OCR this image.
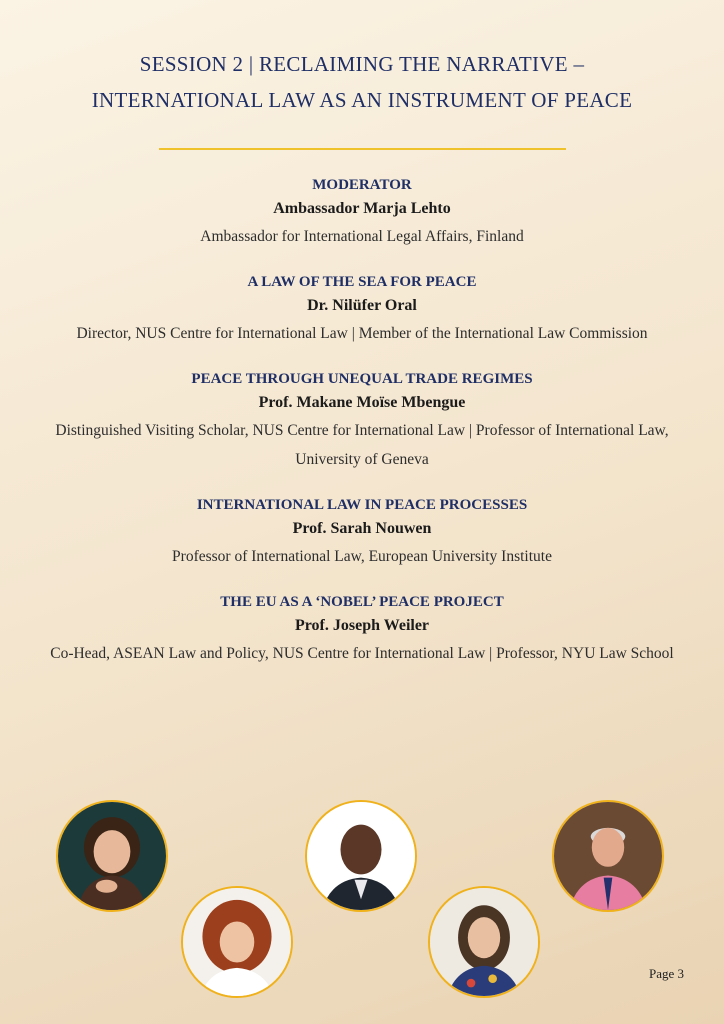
SESSION 2 | RECLAIMING THE NARRATIVE –
INTERNATIONAL LAW AS AN INSTRUMENT OF PEACE
MODERATOR
Ambassador Marja Lehto
Ambassador for International Legal Affairs, Finland
A LAW OF THE SEA FOR PEACE
Dr. Nilüfer Oral
Director, NUS Centre for International Law | Member of the International Law Commission
PEACE THROUGH UNEQUAL TRADE REGIMES
Prof. Makane Moïse Mbengue
Distinguished Visiting Scholar, NUS Centre for International Law | Professor of International Law, University of Geneva
INTERNATIONAL LAW IN PEACE PROCESSES
Prof. Sarah Nouwen
Professor of International Law, European University Institute
THE EU AS A ‘NOBEL’ PEACE PROJECT
Prof. Joseph Weiler
Co-Head, ASEAN Law and Policy, NUS Centre for International Law | Professor, NYU Law School
Page 3
